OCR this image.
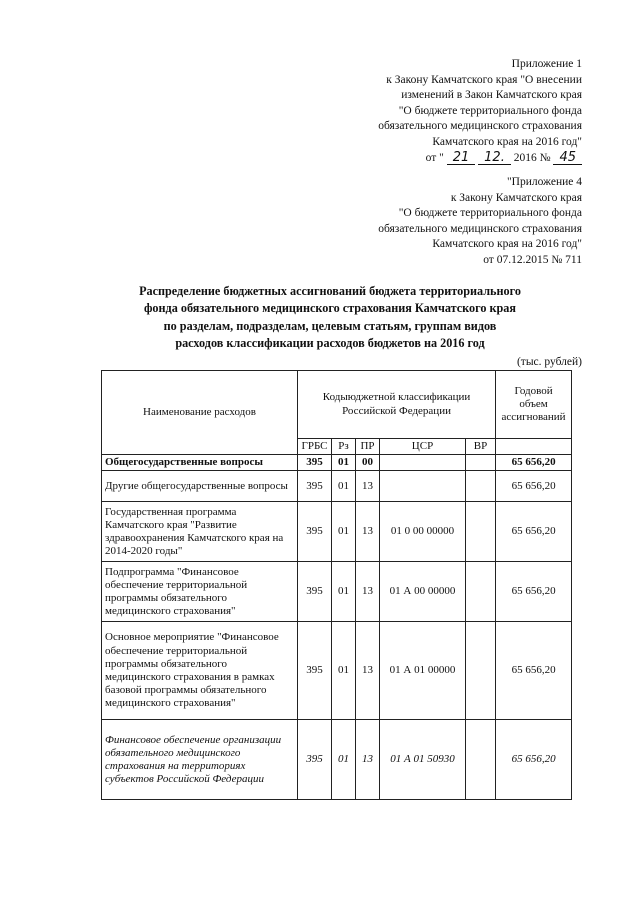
Приложение 1
к Закону Камчатского края "О внесении
изменений в Закон Камчатского края
"О бюджете территориального фонда
обязательного медицинского страхования
Камчатского края на 2016 год"
от " 21 12. 2016 № 45
"Приложение 4
к Закону Камчатского края
"О бюджете территориального фонда
обязательного медицинского страхования
Камчатского края на 2016 год"
от 07.12.2015 № 711
Распределение бюджетных ассигнований бюджета территориального
фонда обязательного медицинского страхования Камчатского края
по разделам, подразделам, целевым статьям, группам видов
расходов классификации расходов бюджетов на 2016 год
(тыс. рублей)
Наименование расходов	Кодыюджетной классификации Российской Федерации					Годовой объем ассигнований
	ГРБС	Рз	ПР	ЦСР	ВР	
Общегосударственные вопросы	395	01	00			65 656,20
Другие общегосударственные вопросы	395	01	13			65 656,20
Государственная программа Камчатского края "Развитие здравоохранения Камчатского края на 2014-2020 годы"	395	01	13	01 0 00 00000		65 656,20
Подпрограмма "Финансовое обеспечение территориальной программы обязательного медицинского страхования"	395	01	13	01 А 00 00000		65 656,20
Основное мероприятие "Финансовое обеспечение территориальной программы обязательного медицинского страхования в рамках базовой программы обязательного медицинского страхования"	395	01	13	01 А 01 00000		65 656,20
Финансовое обеспечение организации обязательного медицинского страхования на территориях субъектов Российской Федерации	395	01	13	01 А 01 50930		65 656,20
